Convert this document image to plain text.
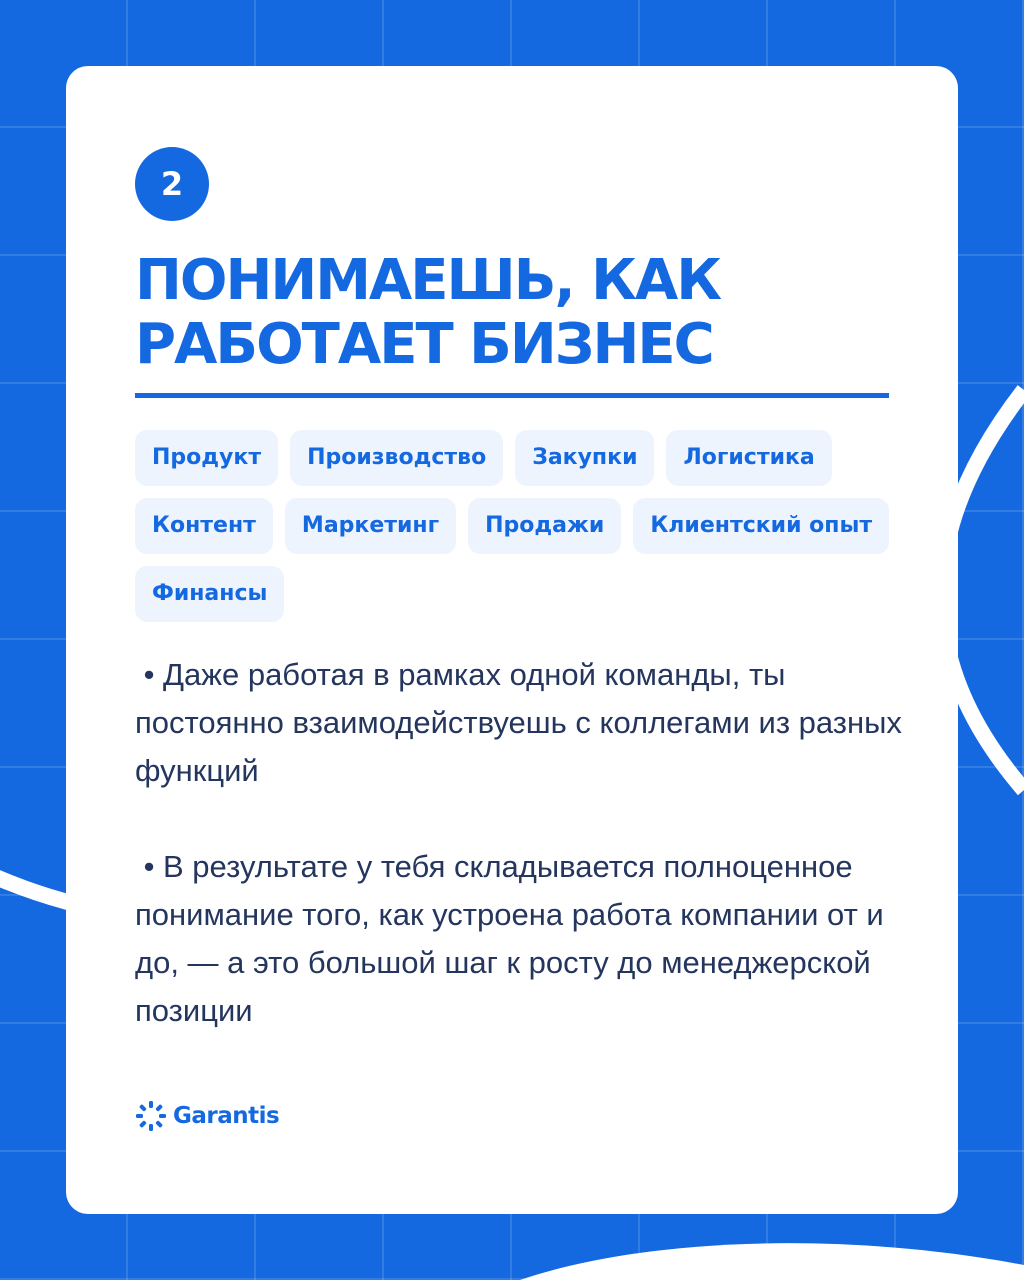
2
ПОНИМАЕШЬ, КАК
РАБОТАЕТ БИЗНЕС
Продукт	Производство	Закупки	Логистика
Контент	Маркетинг	Продажи	Клиентский опыт
Финансы

• Даже работая в рамках одной команды, ты постоянно взаимодействуешь с коллегами из разных функций

• В результате у тебя складывается полноценное понимание того, как устроена работа компании от и до, — а это большой шаг к росту до менеджерской позиции

Garantis
